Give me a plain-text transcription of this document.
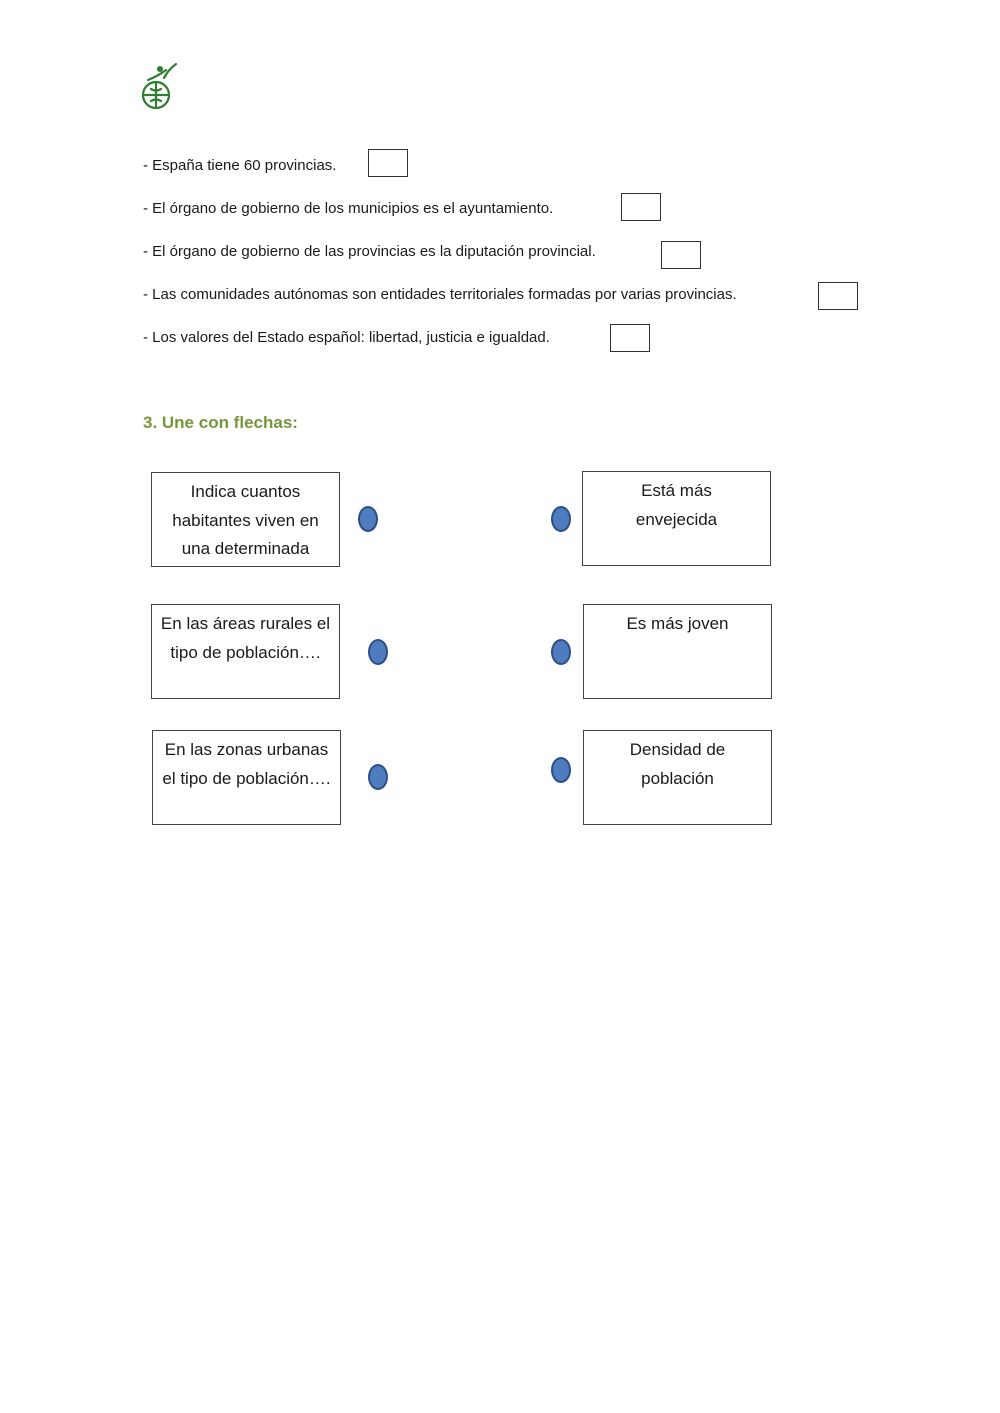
- España tiene 60 provincias.
- El órgano de gobierno de los municipios es el ayuntamiento.
- El órgano de gobierno de las provincias es la diputación provincial.
- Las comunidades autónomas son entidades territoriales formadas por varias provincias.
- Los valores del Estado español: libertad, justicia e igualdad.
3. Une con flechas:
Indica cuantos habitantes viven en una determinada
En las áreas rurales el tipo de población….
En las zonas urbanas el tipo de población….
Está más envejecida
Es más joven
Densidad de población
